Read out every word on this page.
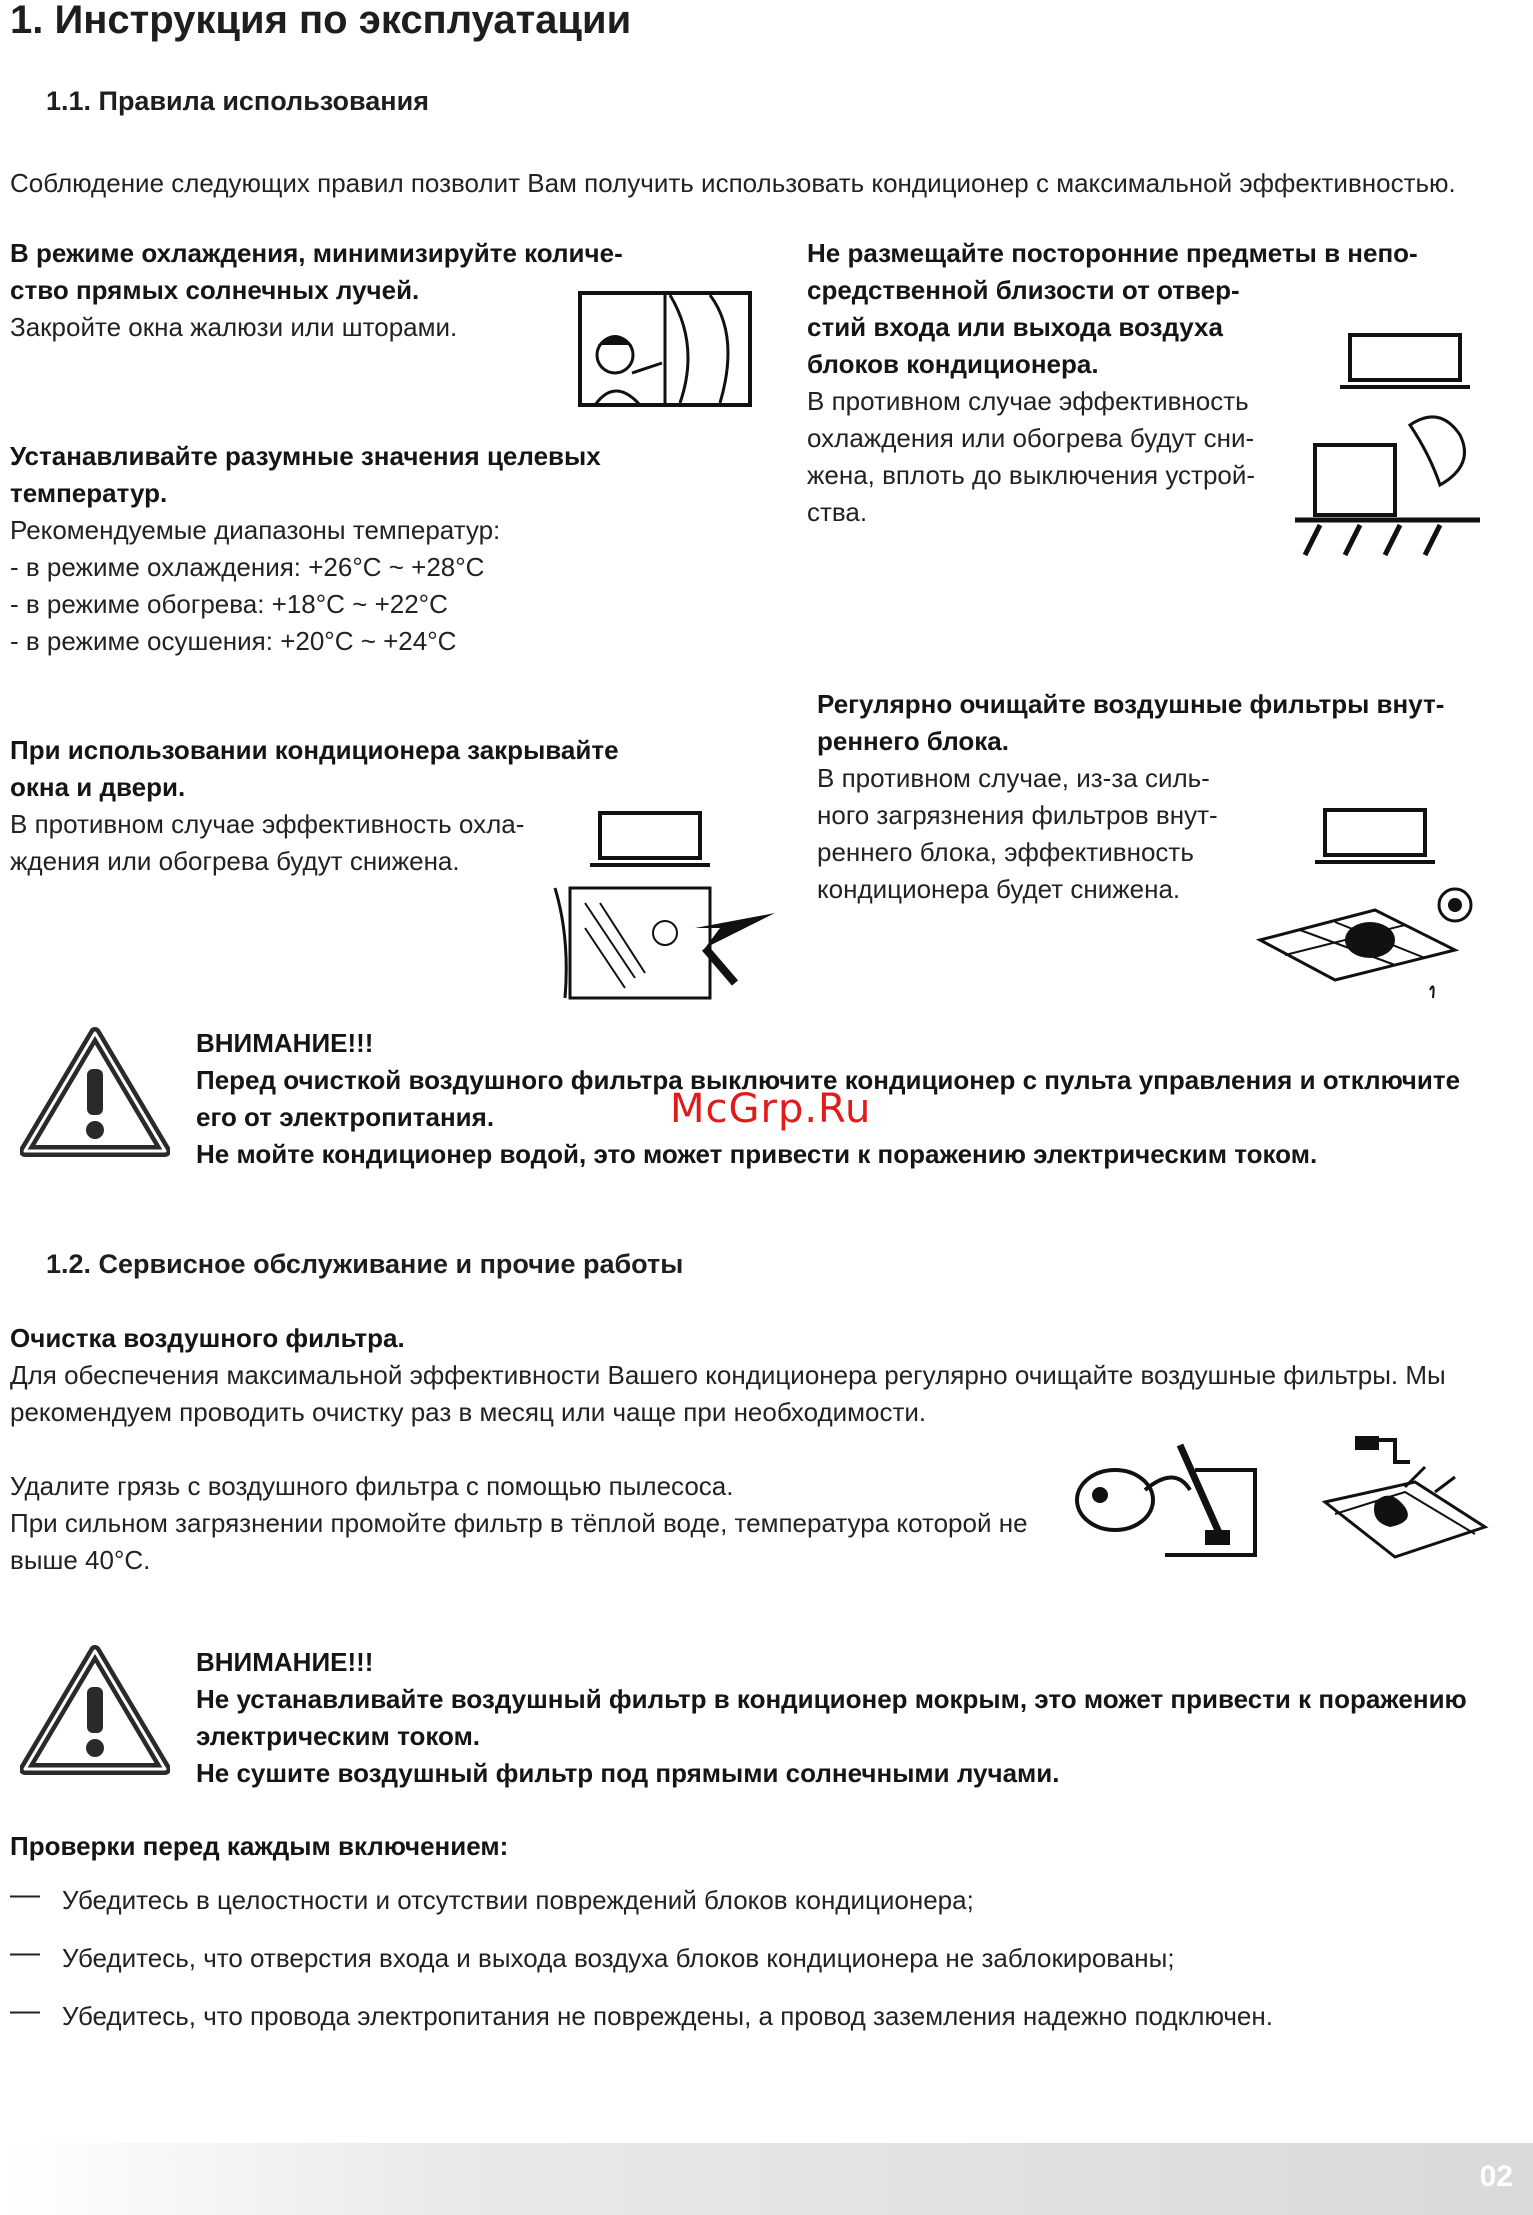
1. Инструкция по эксплуатации
1.1. Правила использования
Соблюдение следующих правил позволит Вам получить использовать кондиционер с максимальной эффективностью.
В режиме охлаждения, минимизируйте количе-
ство прямых солнечных лучей.
Закройте окна жалюзи или шторами.
Не размещайте посторонние предметы в непо-
средственной близости от отвер-
стий входа или выхода воздуха
блоков кондиционера.
В противном случае эффективность
охлаждения или обогрева будут сни-
жена, вплоть до выключения устрой-
ства.
Устанавливайте разумные значения целевых
температур.
Рекомендуемые диапазоны температур:
- в режиме охлаждения: +26°C ~ +28°C
- в режиме обогрева: +18°C ~ +22°C
- в режиме осушения: +20°C ~ +24°C
Регулярно очищайте воздушные фильтры внут-
реннего блока.
В противном случае, из-за силь-
ного загрязнения фильтров внут-
реннего блока, эффективность
кондиционера будет снижена.
При использовании кондиционера закрывайте
окна и двери.
В противном случае эффективность охла-
ждения или обогрева будут снижена.
ВНИМАНИЕ!!!
Перед очисткой воздушного фильтра выключите кондиционер с пульта управления и отключите
его от электропитания.
Не мойте кондиционер водой, это может привести к поражению электрическим током.
McGrp.Ru
1.2. Сервисное обслуживание и прочие работы
Очистка воздушного фильтра.
Для обеспечения максимальной эффективности Вашего кондиционера регулярно очищайте воздушные фильтры. Мы
рекомендуем проводить очистку раз в месяц или чаще при необходимости.
Удалите грязь с воздушного фильтра с помощью пылесоса.
При сильном загрязнении промойте фильтр в тёплой воде, температура которой не
выше 40°C.
ВНИМАНИЕ!!!
Не устанавливайте воздушный фильтр в кондиционер мокрым, это может привести к поражению
электрическим током.
Не сушите воздушный фильтр под прямыми солнечными лучами.
Проверки перед каждым включением:
— Убедитесь в целостности и отсутствии повреждений блоков кондиционера;
— Убедитесь, что отверстия входа и выхода воздуха блоков кондиционера не заблокированы;
— Убедитесь, что провода электропитания не повреждены, а провод заземления надежно подключен.
02
